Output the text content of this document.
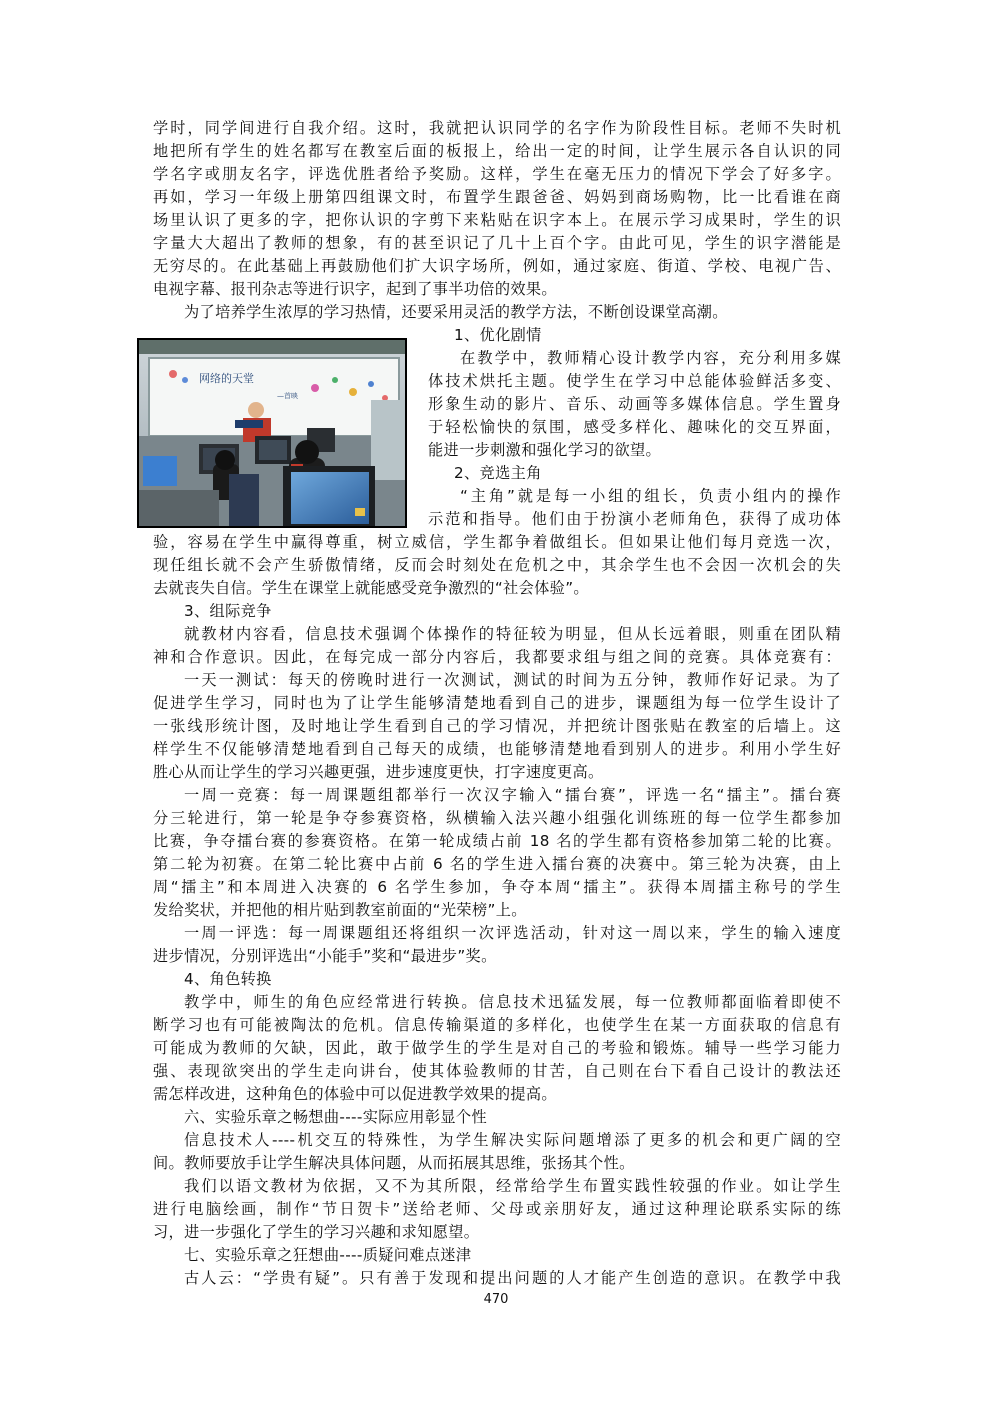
学时，同学间进行自我介绍。这时，我就把认识同学的名字作为阶段性目标。老师不失时机
地把所有学生的姓名都写在教室后面的板报上，给出一定的时间，让学生展示各自认识的同
学名字或朋友名字，评选优胜者给予奖励。这样，学生在毫无压力的情况下学会了好多字。
再如，学习一年级上册第四组课文时，布置学生跟爸爸、妈妈到商场购物，比一比看谁在商
场里认识了更多的字，把你认识的字剪下来粘贴在识字本上。在展示学习成果时，学生的识
字量大大超出了教师的想象，有的甚至识记了几十上百个字。由此可见，学生的识字潜能是
无穷尽的。在此基础上再鼓励他们扩大识字场所，例如，通过家庭、街道、学校、电视广告、
电视字幕、报刊杂志等进行识字，起到了事半功倍的效果。
为了培养学生浓厚的学习热情，还要采用灵活的教学方法，不断创设课堂高潮。
1、优化剧情
网络的天堂
—首映
在教学中，教师精心设计教学内容，充分利用多媒
体技术烘托主题。使学生在学习中总能体验鲜活多变、
形象生动的影片、音乐、动画等多媒体信息。学生置身
于轻松愉快的氛围，感受多样化、趣味化的交互界面，
能进一步刺激和强化学习的欲望。
2、竞选主角
“主角”就是每一小组的组长，负责小组内的操作
示范和指导。他们由于扮演小老师角色，获得了成功体
验，容易在学生中赢得尊重，树立威信，学生都争着做组长。但如果让他们每月竞选一次，
现任组长就不会产生骄傲情绪，反而会时刻处在危机之中，其余学生也不会因一次机会的失
去就丧失自信。学生在课堂上就能感受竞争激烈的“社会体验”。
3、组际竞争
就教材内容看，信息技术强调个体操作的特征较为明显，但从长远着眼，则重在团队精
神和合作意识。因此，在每完成一部分内容后，我都要求组与组之间的竞赛。具体竞赛有：
一天一测试：每天的傍晚时进行一次测试，测试的时间为五分钟，教师作好记录。为了
促进学生学习，同时也为了让学生能够清楚地看到自己的进步，课题组为每一位学生设计了
一张线形统计图，及时地让学生看到自己的学习情况，并把统计图张贴在教室的后墙上。这
样学生不仅能够清楚地看到自己每天的成绩，也能够清楚地看到别人的进步。利用小学生好
胜心从而让学生的学习兴趣更强，进步速度更快，打字速度更高。
一周一竞赛：每一周课题组都举行一次汉字输入“擂台赛”，评选一名“擂主”。擂台赛
分三轮进行，第一轮是争夺参赛资格，纵横输入法兴趣小组强化训练班的每一位学生都参加
比赛，争夺擂台赛的参赛资格。在第一轮成绩占前 18 名的学生都有资格参加第二轮的比赛。
第二轮为初赛。在第二轮比赛中占前 6 名的学生进入擂台赛的决赛中。第三轮为决赛，由上
周“擂主”和本周进入决赛的 6 名学生参加，争夺本周“擂主”。获得本周擂主称号的学生
发给奖状，并把他的相片贴到教室前面的“光荣榜”上。
一周一评选：每一周课题组还将组织一次评选活动，针对这一周以来，学生的输入速度
进步情况，分别评选出“小能手”奖和“最进步”奖。
4、角色转换
教学中，师生的角色应经常进行转换。信息技术迅猛发展，每一位教师都面临着即使不
断学习也有可能被陶汰的危机。信息传输渠道的多样化，也使学生在某一方面获取的信息有
可能成为教师的欠缺，因此，敢于做学生的学生是对自己的考验和锻炼。辅导一些学习能力
强、表现欲突出的学生走向讲台，使其体验教师的甘苦，自己则在台下看自己设计的教法还
需怎样改进，这种角色的体验中可以促进教学效果的提高。
六、实验乐章之畅想曲----实际应用彰显个性
信息技术人----机交互的特殊性，为学生解决实际问题增添了更多的机会和更广阔的空
间。教师要放手让学生解决具体问题，从而拓展其思维，张扬其个性。
我们以语文教材为依据，又不为其所限，经常给学生布置实践性较强的作业。如让学生
进行电脑绘画，制作“节日贺卡”送给老师、父母或亲朋好友，通过这种理论联系实际的练
习，进一步强化了学生的学习兴趣和求知愿望。
七、实验乐章之狂想曲----质疑问难点迷津
古人云：“学贵有疑”。只有善于发现和提出问题的人才能产生创造的意识。在教学中我
470
